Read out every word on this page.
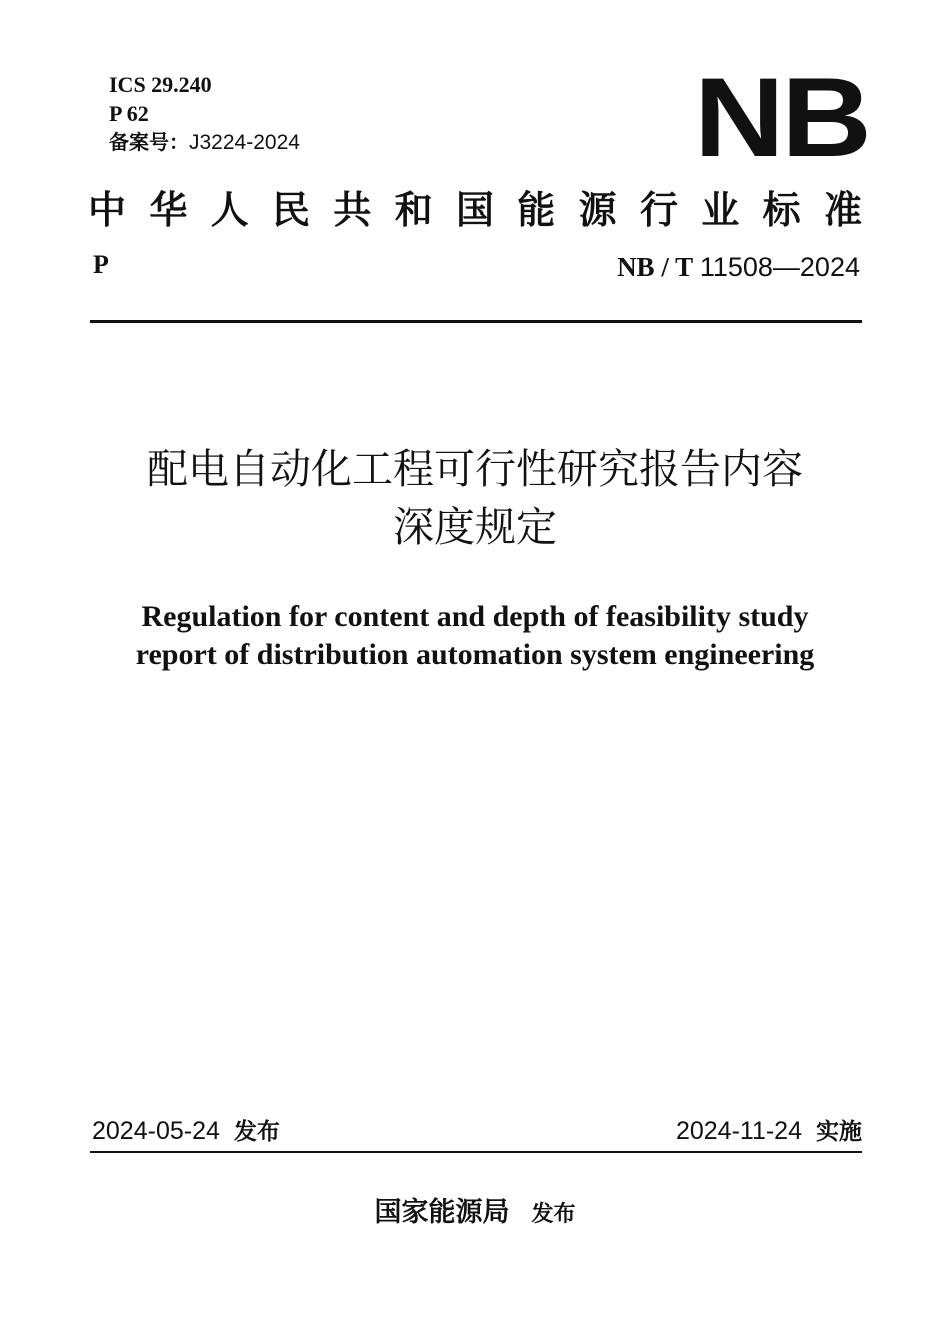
ICS 29.240
P 62
备案号：J3224-2024	NB
中 华 人 民 共 和 国 能 源 行 业 标 准
P	NB / T 11508—2024
配电自动化工程可行性研究报告内容
深度规定
Regulation for content and depth of feasibility study
report of distribution automation system engineering
2024-05-24 发布	2024-11-24 实施
国家能源局 发布
